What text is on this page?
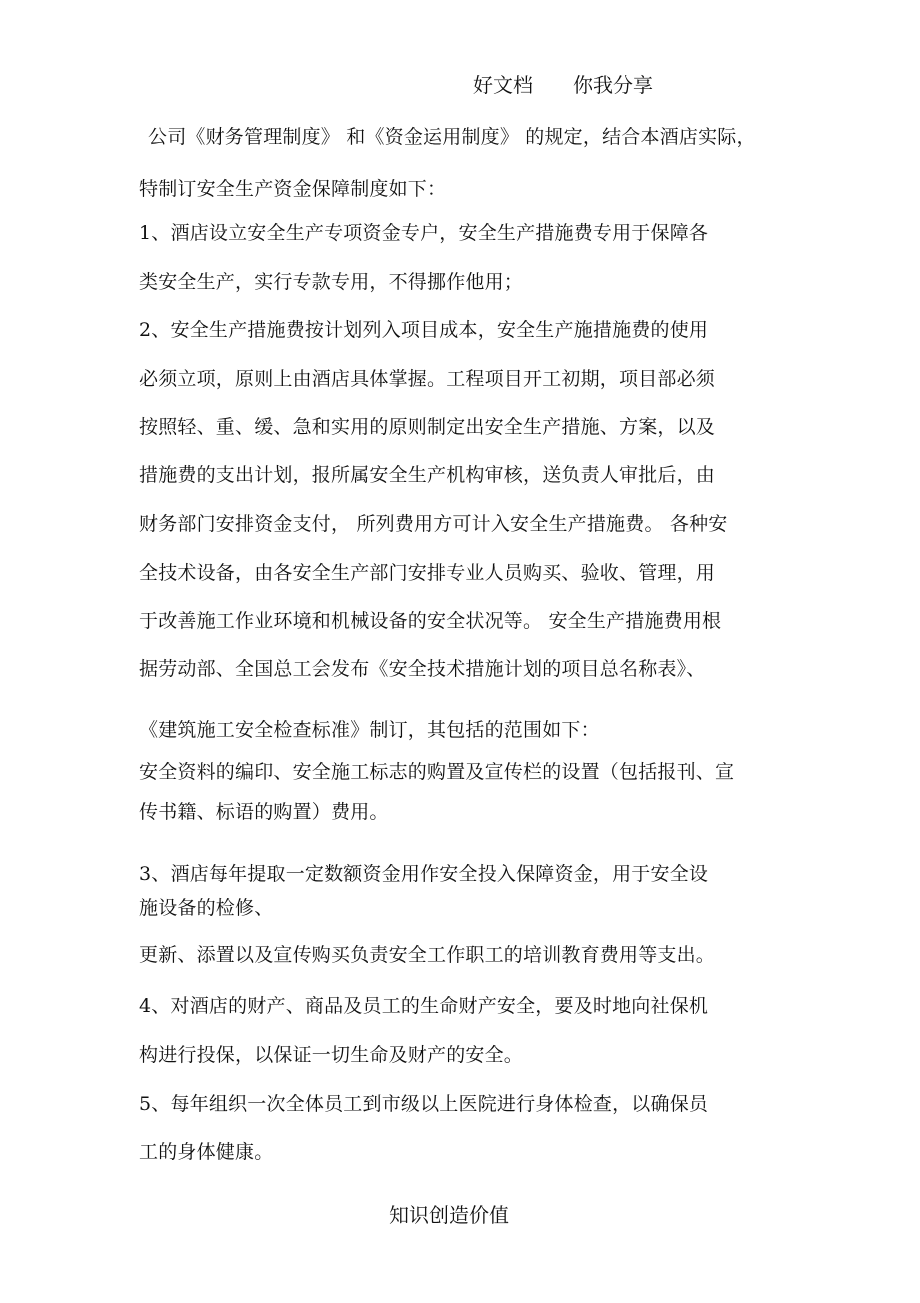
好文档 你我分享
公司《财务管理制度》 和《资金运用制度》 的规定，结合本酒店实际，
特制订安全生产资金保障制度如下：
1、酒店设立安全生产专项资金专户，安全生产措施费专用于保障各
类安全生产，实行专款专用，不得挪作他用；
2、安全生产措施费按计划列入项目成本，安全生产施措施费的使用
必须立项，原则上由酒店具体掌握。工程项目开工初期，项目部必须
按照轻、重、缓、急和实用的原则制定出安全生产措施、方案，以及
措施费的支出计划，报所属安全生产机构审核，送负责人审批后，由
财务部门安排资金支付， 所列费用方可计入安全生产措施费。 各种安
全技术设备，由各安全生产部门安排专业人员购买、验收、管理，用
于改善施工作业环境和机械设备的安全状况等。 安全生产措施费用根
据劳动部、全国总工会发布《安全技术措施计划的项目总名称表》、
《建筑施工安全检查标准》制订，其包括的范围如下：
安全资料的编印、安全施工标志的购置及宣传栏的设置（包括报刊、宣
传书籍、标语的购置）费用。
3、酒店每年提取一定数额资金用作安全投入保障资金，用于安全设
施设备的检修、
更新、添置以及宣传购买负责安全工作职工的培训教育费用等支出。
4、对酒店的财产、商品及员工的生命财产安全，要及时地向社保机
构进行投保，以保证一切生命及财产的安全。
5、每年组织一次全体员工到市级以上医院进行身体检查，以确保员
工的身体健康。
知识创造价值
